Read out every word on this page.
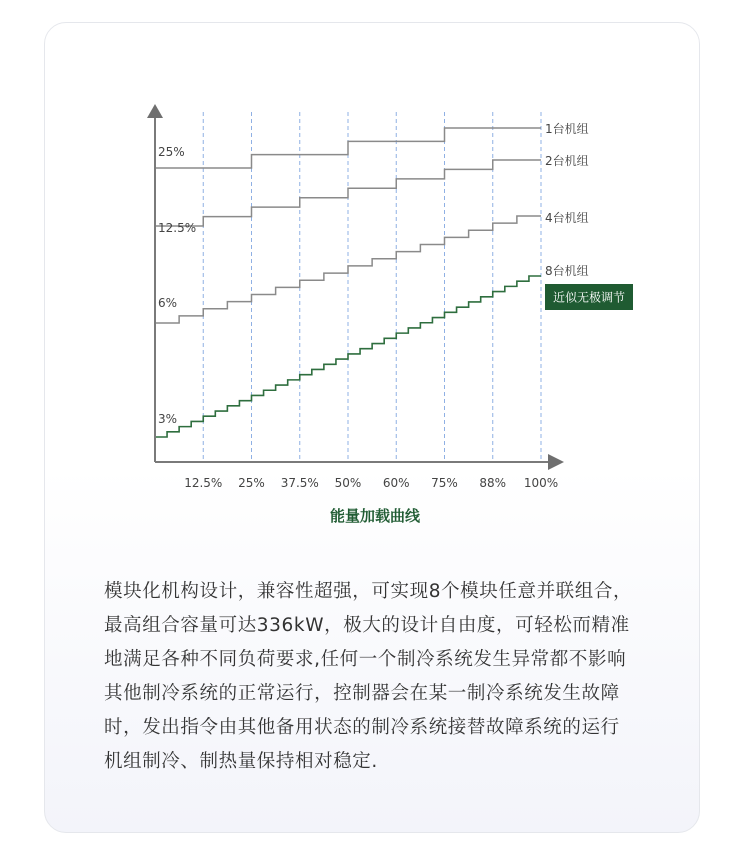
12.5% 25% 37.5% 50% 60% 75% 88% 100%
1台机组
2台机组
4台机组
8台机组
25%
12.5%
6%
3%
近似无极调节
能量加载曲线
模块化机构设计，兼容性超强，可实现8个模块任意并联组合，
最高组合容量可达336kW，极大的设计自由度，可轻松而精准
地满足各种不同负荷要求,任何一个制冷系统发生异常都不影响
其他制冷系统的正常运行，控制器会在某一制冷系统发生故障
时，发出指令由其他备用状态的制冷系统接替故障系统的运行
机组制冷、制热量保持相对稳定.
